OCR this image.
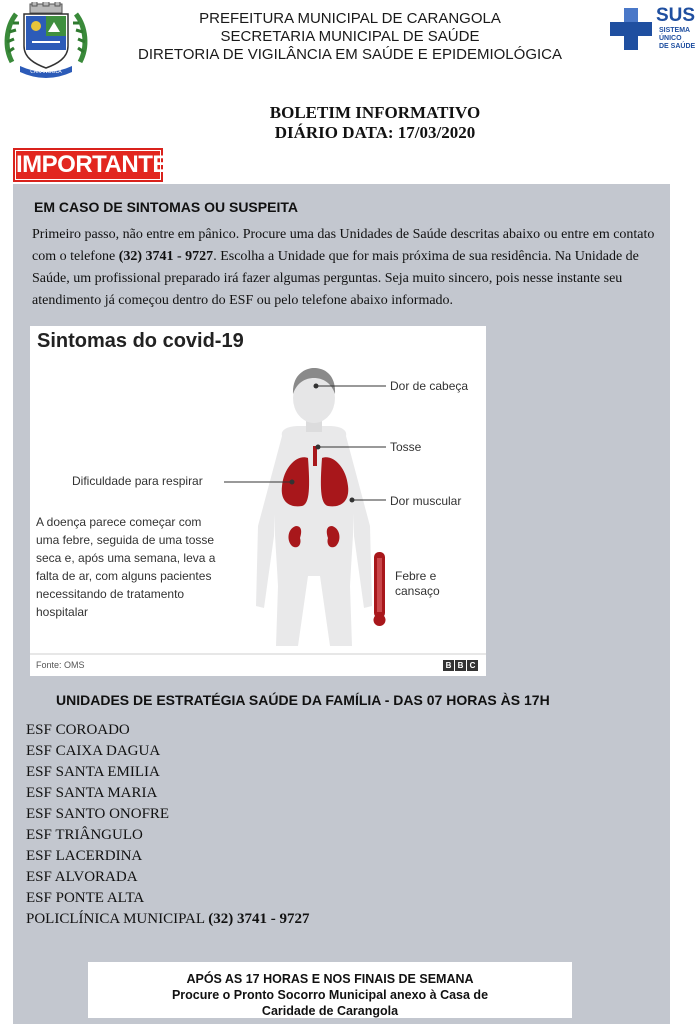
CARANGOLA
PREFEITURA MUNICIPAL DE CARANGOLA
SECRETARIA MUNICIPAL DE SAÚDE
DIRETORIA DE VIGILÂNCIA EM SAÚDE E EPIDEMIOLÓGICA
SUS
SISTEMA
ÚNICO
DE SAÚDE
BOLETIM INFORMATIVO
DIÁRIO DATA: 17/03/2020
IMPORTANTE
EM CASO DE SINTOMAS OU SUSPEITA

Primeiro passo, não entre em pânico. Procure uma das Unidades de Saúde descritas abaixo ou entre em contato com o telefone (32) 3741 - 9727. Escolha a Unidade que for mais próxima de sua residência. Na Unidade de Saúde, um profissional preparado irá fazer algumas perguntas. Seja muito sincero, pois nesse instante seu atendimento já começou dentro do ESF ou pelo telefone abaixo informado.

Sintomas do covid-19
Dor de cabeça
Tosse
Dificuldade para respirar
Dor muscular
Febre e cansaço
A doença parece começar com uma febre, seguida de uma tosse seca e, após uma semana, leva a falta de ar, com alguns pacientes necessitando de tratamento hospitalar
Fonte: OMS	B B C
UNIDADES DE ESTRATÉGIA SAÚDE DA FAMÍLIA - DAS 07 HORAS ÀS 17H
ESF COROADO
ESF CAIXA DAGUA
ESF SANTA EMILIA
ESF SANTA MARIA
ESF SANTO ONOFRE
ESF TRIÂNGULO
ESF LACERDINA
ESF ALVORADA
ESF PONTE ALTA
POLICLÍNICA MUNICIPAL (32) 3741 - 9727
APÓS AS 17 HORAS E NOS FINAIS DE SEMANA
Procure o Pronto Socorro Municipal anexo à Casa de
Caridade de Carangola
